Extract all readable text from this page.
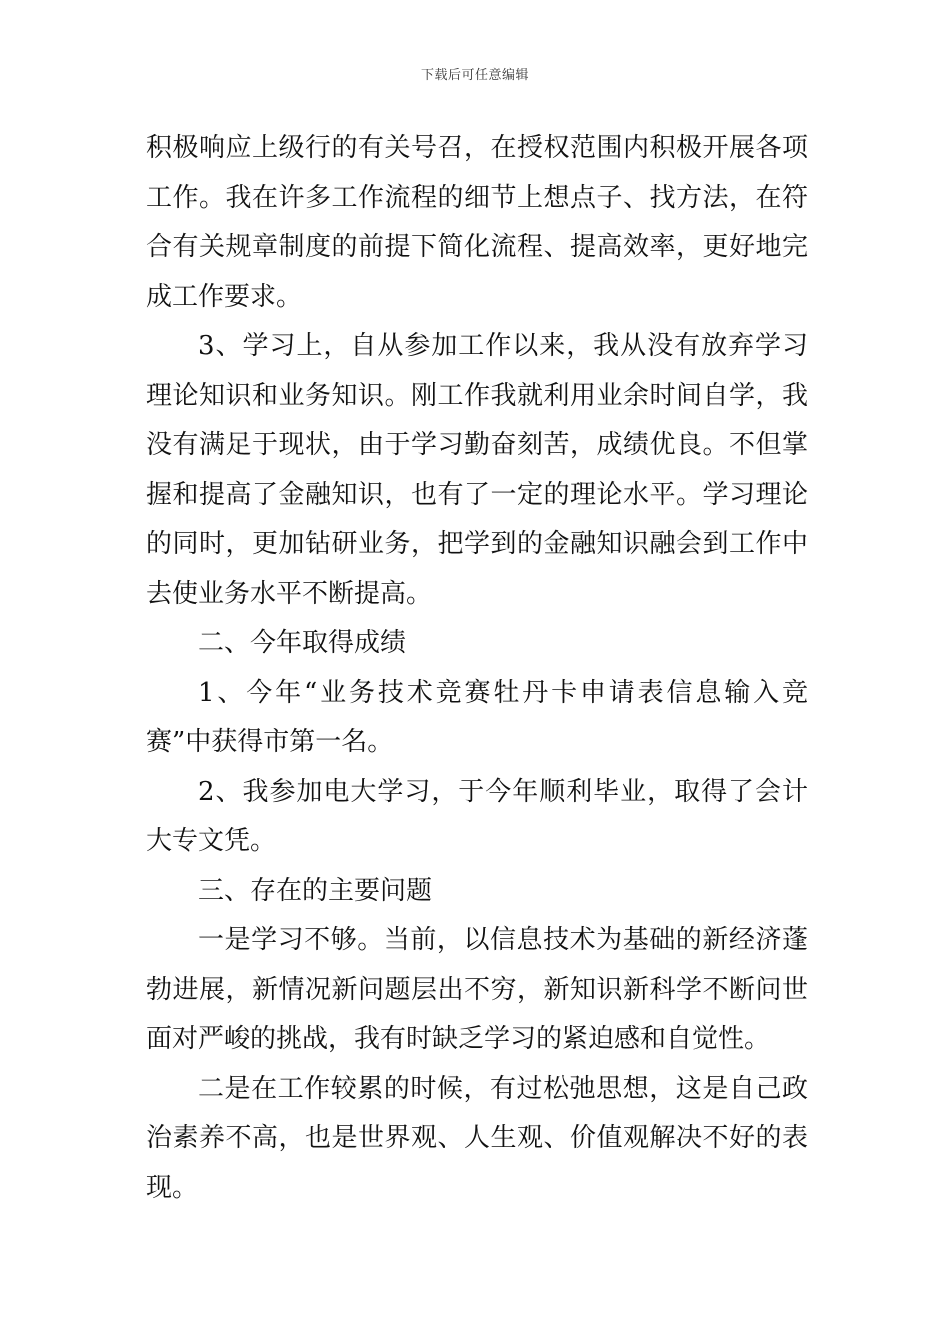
下载后可任意编辑

积极响应上级行的有关号召，在授权范围内积极开展各项工作。我在许多工作流程的细节上想点子、找方法，在符合有关规章制度的前提下简化流程、提高效率，更好地完成工作要求。

3、学习上，自从参加工作以来，我从没有放弃学习理论知识和业务知识。刚工作我就利用业余时间自学，我没有满足于现状，由于学习勤奋刻苦，成绩优良。不但掌握和提高了金融知识，也有了一定的理论水平。学习理论的同时，更加钻研业务，把学到的金融知识融会到工作中去使业务水平不断提高。

二、今年取得成绩

1、今年“业务技术竞赛牡丹卡申请表信息输入竞赛”中获得市第一名。

2、我参加电大学习，于今年顺利毕业，取得了会计大专文凭。

三、存在的主要问题

一是学习不够。当前，以信息技术为基础的新经济蓬勃进展，新情况新问题层出不穷，新知识新科学不断问世面对严峻的挑战，我有时缺乏学习的紧迫感和自觉性。

二是在工作较累的时候，有过松弛思想，这是自己政治素养不高，也是世界观、人生观、价值观解决不好的表现。
